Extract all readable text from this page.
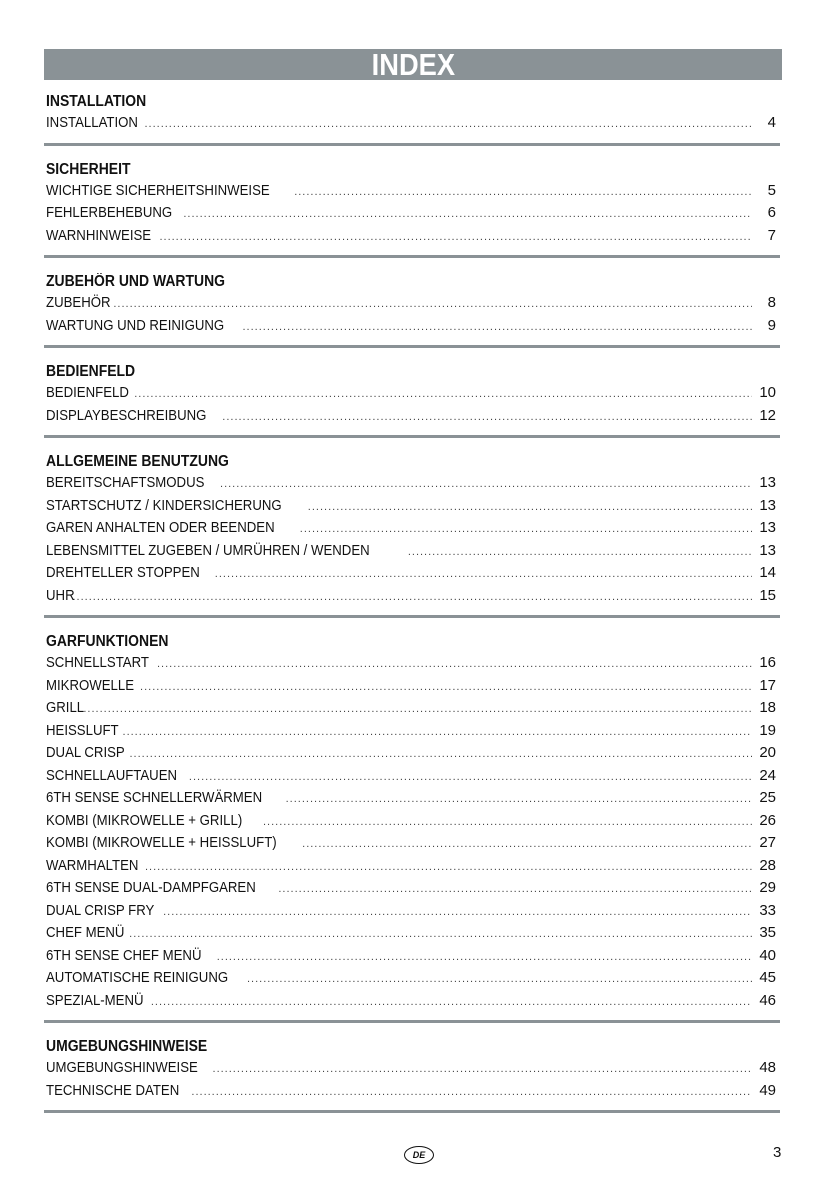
INDEX
INSTALLATION
INSTALLATION .....	4
SICHERHEIT
WICHTIGE SICHERHEITSHINWEISE .....	5
FEHLERBEHEBUNG .....	6
WARNHINWEISE .....	7
ZUBEHÖR UND WARTUNG
ZUBEHÖR .....	8
WARTUNG UND REINIGUNG .....	9
BEDIENFELD
BEDIENFELD .....	10
DISPLAYBESCHREIBUNG .....	12
ALLGEMEINE BENUTZUNG
BEREITSCHAFTSMODUS .....	13
STARTSCHUTZ / KINDERSICHERUNG .....	13
GAREN ANHALTEN ODER BEENDEN .....	13
LEBENSMITTEL ZUGEBEN / UMRÜHREN / WENDEN .....	13
DREHTELLER STOPPEN .....	14
UHR .....	15
GARFUNKTIONEN
SCHNELLSTART .....	16
MIKROWELLE .....	17
GRILL .....	18
HEISSLUFT .....	19
DUAL CRISP .....	20
SCHNELLAUFTAUEN .....	24
6TH SENSE SCHNELLERWÄRMEN .....	25
KOMBI (MIKROWELLE + GRILL) .....	26
KOMBI (MIKROWELLE + HEISSLUFT) .....	27
WARMHALTEN .....	28
6TH SENSE DUAL-DAMPFGAREN .....	29
DUAL CRISP FRY .....	33
CHEF MENÜ .....	35
6TH SENSE CHEF MENÜ .....	40
AUTOMATISCHE REINIGUNG .....	45
SPEZIAL-MENÜ .....	46
UMGEBUNGSHINWEISE
UMGEBUNGSHINWEISE .....	48
TECHNISCHE DATEN .....	49
DE	3
